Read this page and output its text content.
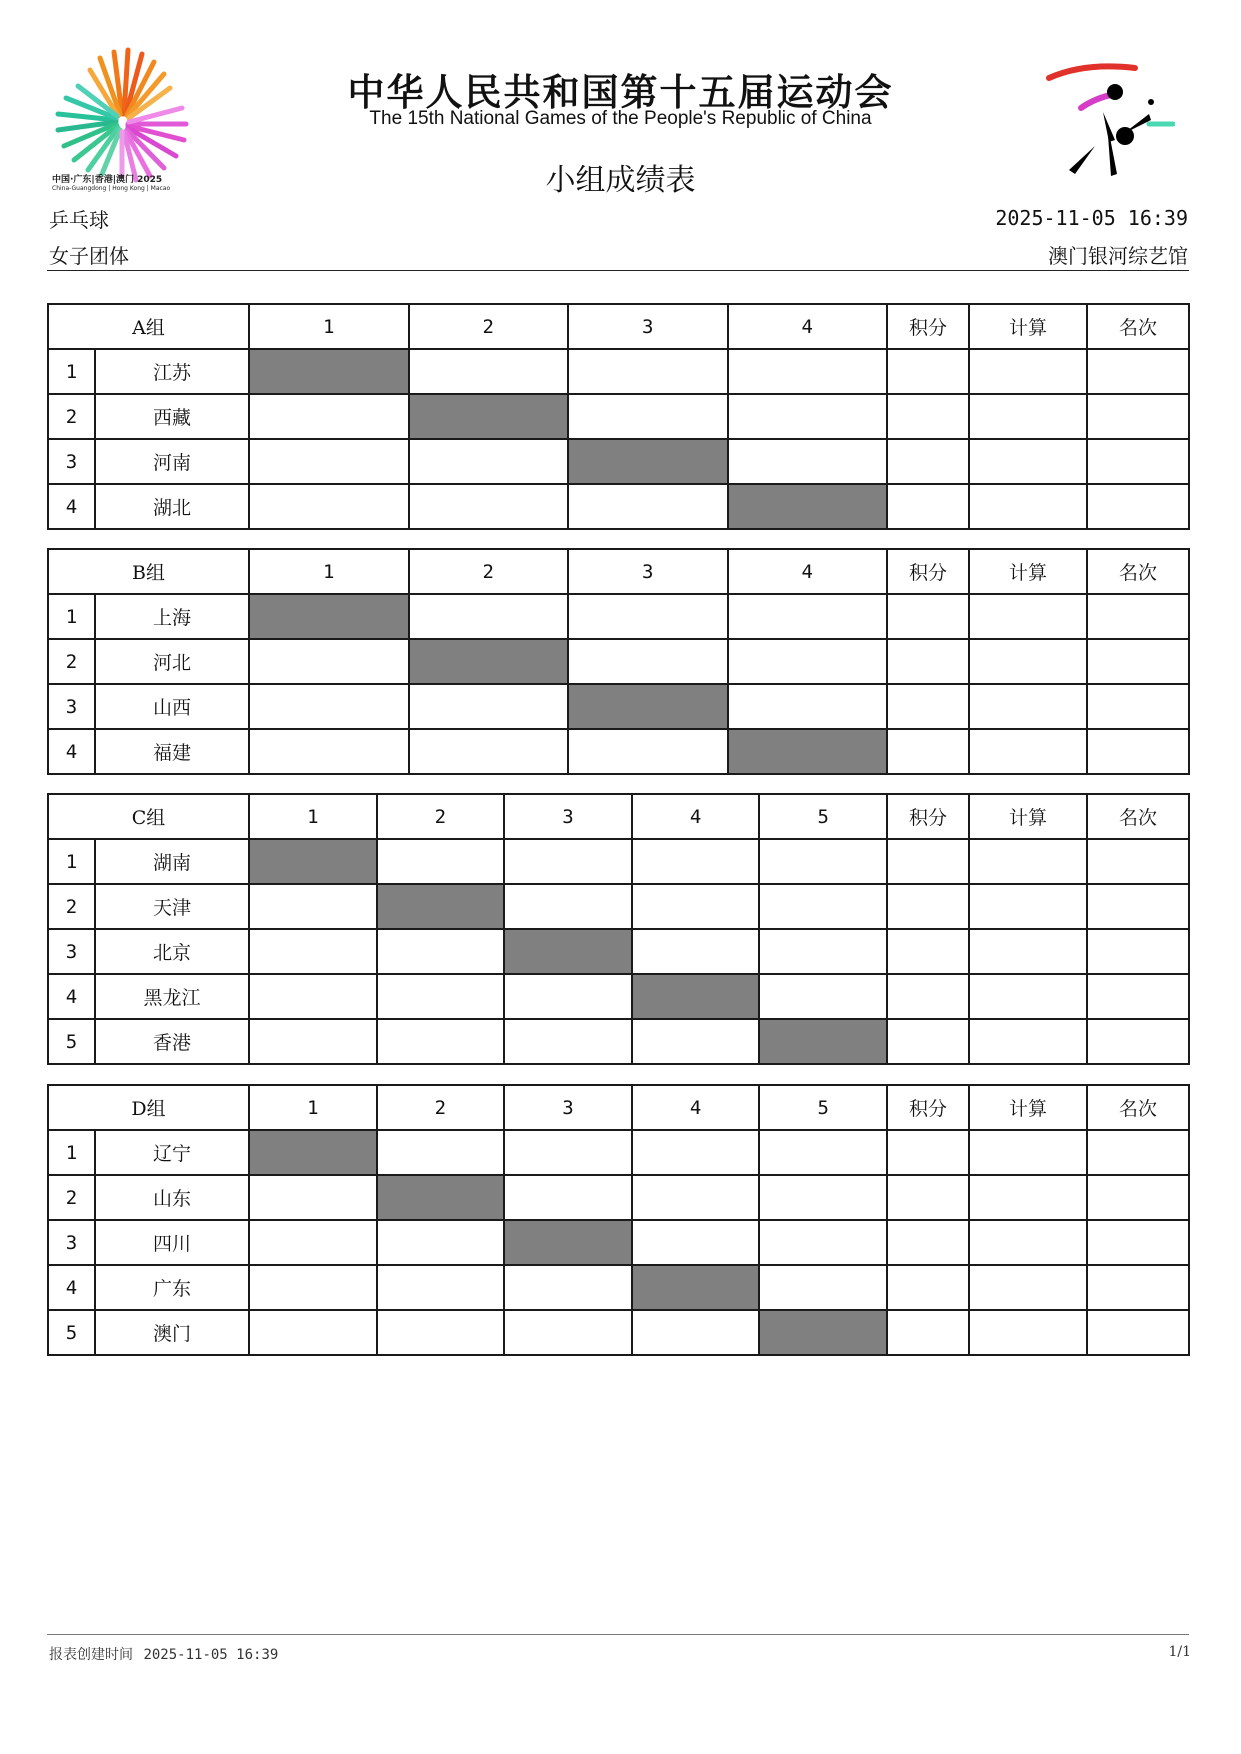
中国·广东|香港|澳门 2025
China-Guangdong | Hong Kong | Macao
中华人民共和国第十五届运动会
The 15th National Games of the People's Republic of China
小组成绩表
乒乓球
女子团体
2025-11-05 16:39
澳门银河综艺馆
A组		1	2	3	4	积分	计算	名次
1	江苏							
2	西藏							
3	河南							
4	湖北							
B组		1	2	3	4	积分	计算	名次
1	上海							
2	河北							
3	山西							
4	福建							
C组		1	2	3	4	5	积分	计算	名次
1	湖南								
2	天津								
3	北京								
4	黑龙江								
5	香港								
D组		1	2	3	4	5	积分	计算	名次
1	辽宁								
2	山东								
3	四川								
4	广东								
5	澳门								
报表创建时间 2025-11-05 16:39	1/1
